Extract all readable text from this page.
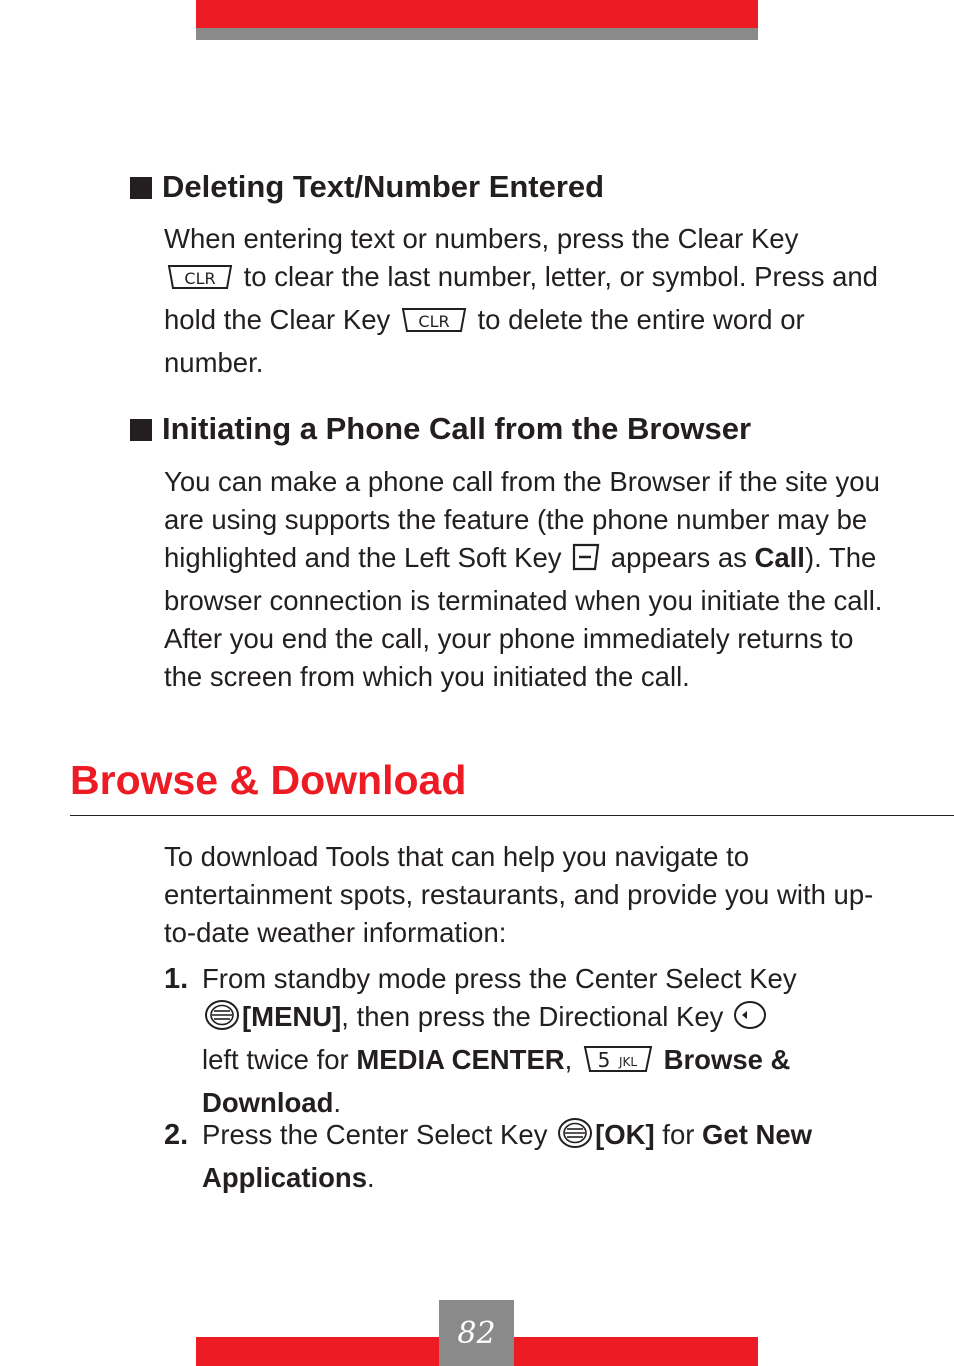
Deleting Text/Number Entered

When entering text or numbers, press the Clear Key

CLR to clear the last number, letter, or symbol. Press and hold the Clear Key CLR to delete the entire word or number.

Initiating a Phone Call from the Browser

You can make a phone call from the Browser if the site you are using supports the feature (the phone number may be highlighted and the Left Soft Key  appears as Call). The browser connection is terminated when you initiate the call. After you end the call, your phone immediately returns to the screen from which you initiated the call.

Browse & Download

To download Tools that can help you navigate to entertainment spots, restaurants, and provide you with up-to-date weather information:

1. From standby mode press the Center Select Key
[MENU], then press the Directional Key
left twice for MEDIA CENTER, 5 JKL Browse & Download.
2. Press the Center Select Key [OK] for Get New Applications.
82
